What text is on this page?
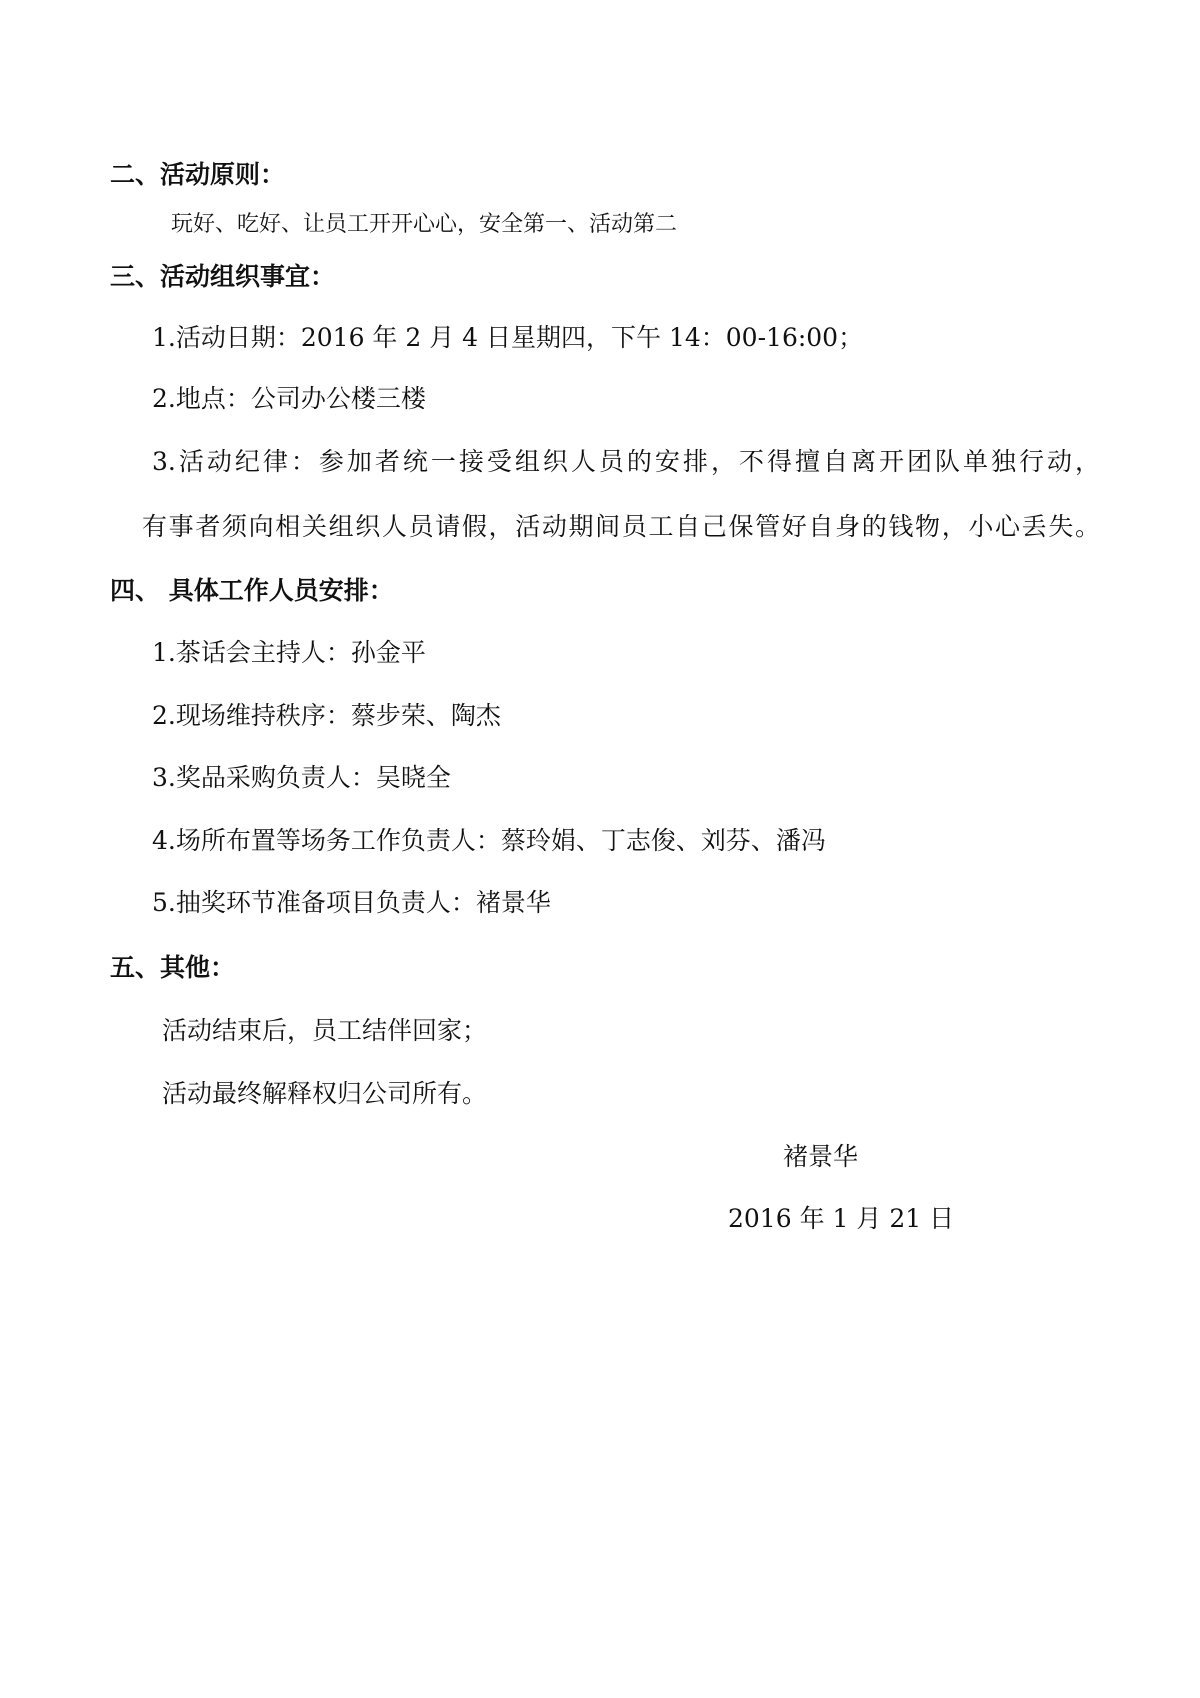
二、活动原则：
玩好、吃好、让员工开开心心，安全第一、活动第二
三、活动组织事宜：
1.活动日期：2016 年 2 月 4 日星期四，下午 14：00-16:00；
2.地点：公司办公楼三楼
3.活动纪律：参加者统一接受组织人员的安排，不得擅自离开团队单独行动，
有事者须向相关组织人员请假，活动期间员工自己保管好自身的钱物，小心丢失。
四、 具体工作人员安排：
1.茶话会主持人：孙金平
2.现场维持秩序：蔡步荣、陶杰
3.奖品采购负责人：吴晓全
4.场所布置等场务工作负责人：蔡玲娟、丁志俊、刘芬、潘冯
5.抽奖环节准备项目负责人：褚景华
五、其他：
活动结束后，员工结伴回家；
活动最终解释权归公司所有。
褚景华
2016 年 1 月 21 日
